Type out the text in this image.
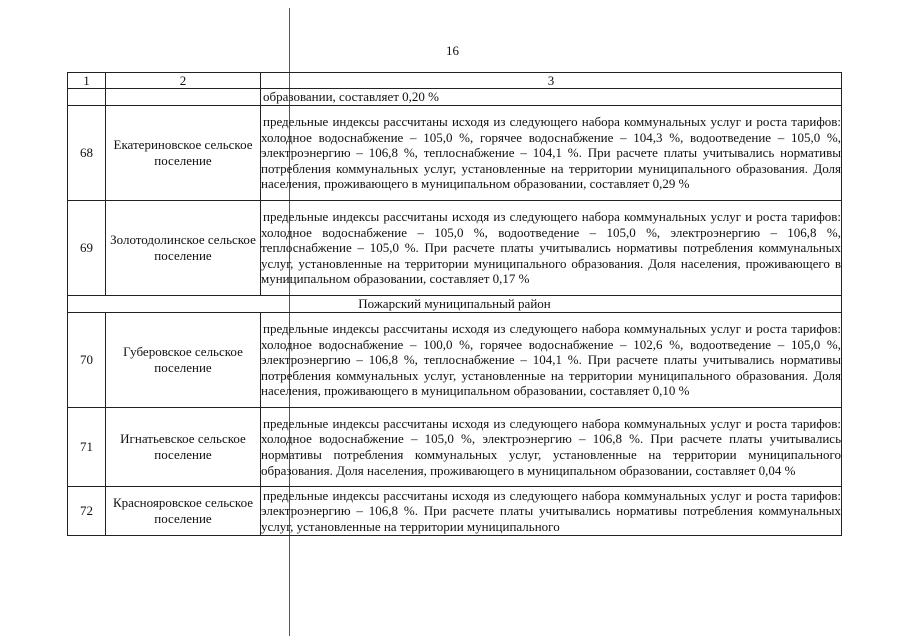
16
1	2	3

		образовании, составляет 0,20 %

68	Екатериновское сельское поселение	предельные индексы рассчитаны исходя из следующего набора коммунальных услуг и роста тарифов: холодное водоснабжение – 105,0 %, горячее водоснабжение – 104,3 %, водоотведение – 105,0 %, электроэнергию – 106,8 %, теплоснабжение – 104,1 %. При расчете платы учитывались нормативы потребления коммунальных услуг, установленные на территории муниципального образования. Доля населения, проживающего в муниципальном образовании, составляет 0,29 %

69	Золотодолинское сельское поселение	предельные индексы рассчитаны исходя из следующего набора коммунальных услуг и роста тарифов: холодное водоснабжение – 105,0 %, водоотведение – 105,0 %, электроэнергию – 106,8 %, теплоснабжение – 105,0 %. При расчете платы учитывались нормативы потребления коммунальных услуг, установленные на территории муниципального образования. Доля населения, проживающего в муниципальном образовании, составляет 0,17 %

Пожарский муниципальный район		
70	Губеровское сельское поселение	предельные индексы рассчитаны исходя из следующего набора коммунальных услуг и роста тарифов: холодное водоснабжение – 100,0 %, горячее водоснабжение – 102,6 %, водоотведение – 105,0 %, электроэнергию – 106,8 %, теплоснабжение – 104,1 %. При расчете платы учитывались нормативы потребления коммунальных услуг, установленные на территории муниципального образования. Доля населения, проживающего в муниципальном образовании, составляет 0,10 %

71	Игнатьевское сельское поселение	предельные индексы рассчитаны исходя из следующего набора коммунальных услуг и роста тарифов: холодное водоснабжение – 105,0 %, электроэнергию – 106,8 %. При расчете платы учитывались нормативы потребления коммунальных услуг, установленные на территории муниципального образования. Доля населения, проживающего в муниципальном образовании, составляет 0,04 %

72	Краснояровское сельское поселение	предельные индексы рассчитаны исходя из следующего набора коммунальных услуг и роста тарифов: электроэнергию – 106,8 %. При расчете платы учитывались нормативы потребления коммунальных услуг, установленные на территории муниципального
